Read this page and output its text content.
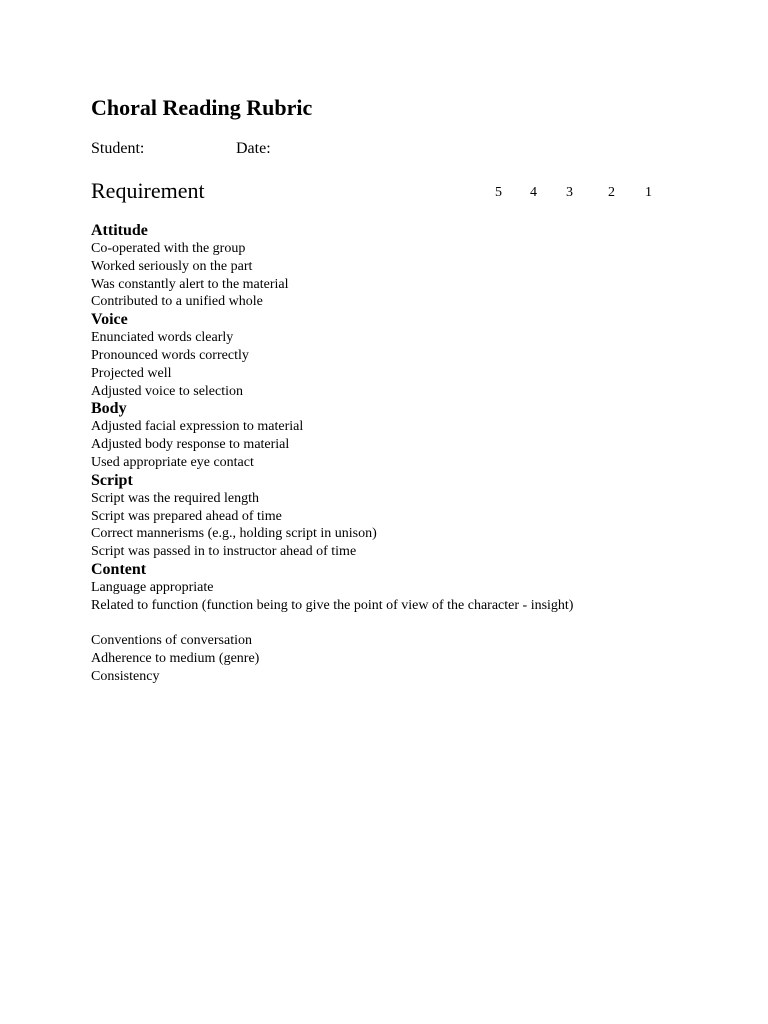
Choral Reading Rubric
Student:	Date:
Requirement	5 4 3	2 1
Attitude
Co-operated with the group
Worked seriously on the part
Was constantly alert to the material
Contributed to a unified whole
Voice
Enunciated words clearly
Pronounced words correctly
Projected well
Adjusted voice to selection
Body
Adjusted facial expression to material
Adjusted body response to material
Used appropriate eye contact
Script
Script was the required length
Script was prepared ahead of time
Correct mannerisms (e.g., holding script in unison)
Script was passed in to instructor ahead of time
Content
Language appropriate
Related to function (function being to give the point of view of the character - insight)
Conventions of conversation
Adherence to medium (genre)
Consistency
